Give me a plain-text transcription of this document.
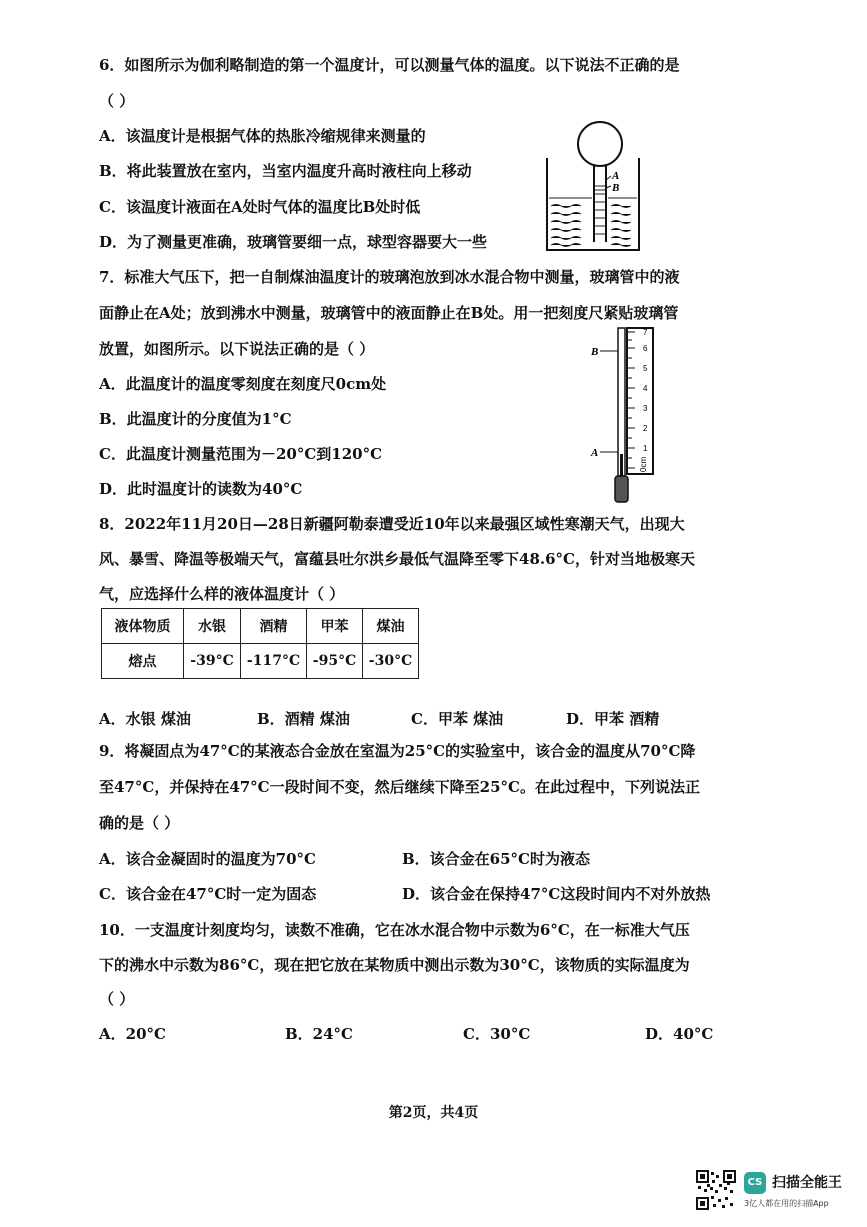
6．如图所示为伽利略制造的第一个温度计，可以测量气体的温度。以下说法不正确的是
（ ）
A．该温度计是根据气体的热胀冷缩规律来测量的
B．将此装置放在室内，当室内温度升高时液柱向上移动
C．该温度计液面在A处时气体的温度比B处时低
D．为了测量更准确，玻璃管要细一点，球型容器要大一些
A
B
7．标准大气压下，把一自制煤油温度计的玻璃泡放到冰水混合物中测量，玻璃管中的液
面静止在A处；放到沸水中测量，玻璃管中的液面静止在B处。用一把刻度尺紧贴玻璃管
放置，如图所示。以下说法正确的是（ ）
A．此温度计的温度零刻度在刻度尺0cm处
B．此温度计的分度值为1°C
C．此温度计测量范围为－20°C到120°C
D．此时温度计的读数为40°C
B
A	1
2
3
4
5
6
7
0cm
8．2022年11月20日—28日新疆阿勒泰遭受近10年以来最强区域性寒潮天气，出现大
风、暴雪、降温等极端天气，富蕴县吐尔洪乡最低气温降至零下48.6°C，针对当地极寒天
气，应选择什么样的液体温度计（ ）
液体物质	水银	酒精	甲苯	煤油
熔点	-39°C	-117°C	-95°C	-30°C
A．水银 煤油	B．酒精 煤油	C．甲苯 煤油	D．甲苯 酒精
9．将凝固点为47°C的某液态合金放在室温为25°C的实验室中，该合金的温度从70°C降
至47°C，并保持在47°C一段时间不变，然后继续下降至25°C。在此过程中，下列说法正
确的是（ ）
A．该合金凝固时的温度为70°C	B．该合金在65°C时为液态
C．该合金在47°C时一定为固态	D．该合金在保持47°C这段时间内不对外放热
10．一支温度计刻度均匀，读数不准确，它在冰水混合物中示数为6°C，在一标准大气压
下的沸水中示数为86°C，现在把它放在某物质中测出示数为30°C，该物质的实际温度为
（ ）
A．20°C	B．24°C	C．30°C	D．40°C
第2页，共4页
CS 扫描全能王
3亿人都在用的扫描App
